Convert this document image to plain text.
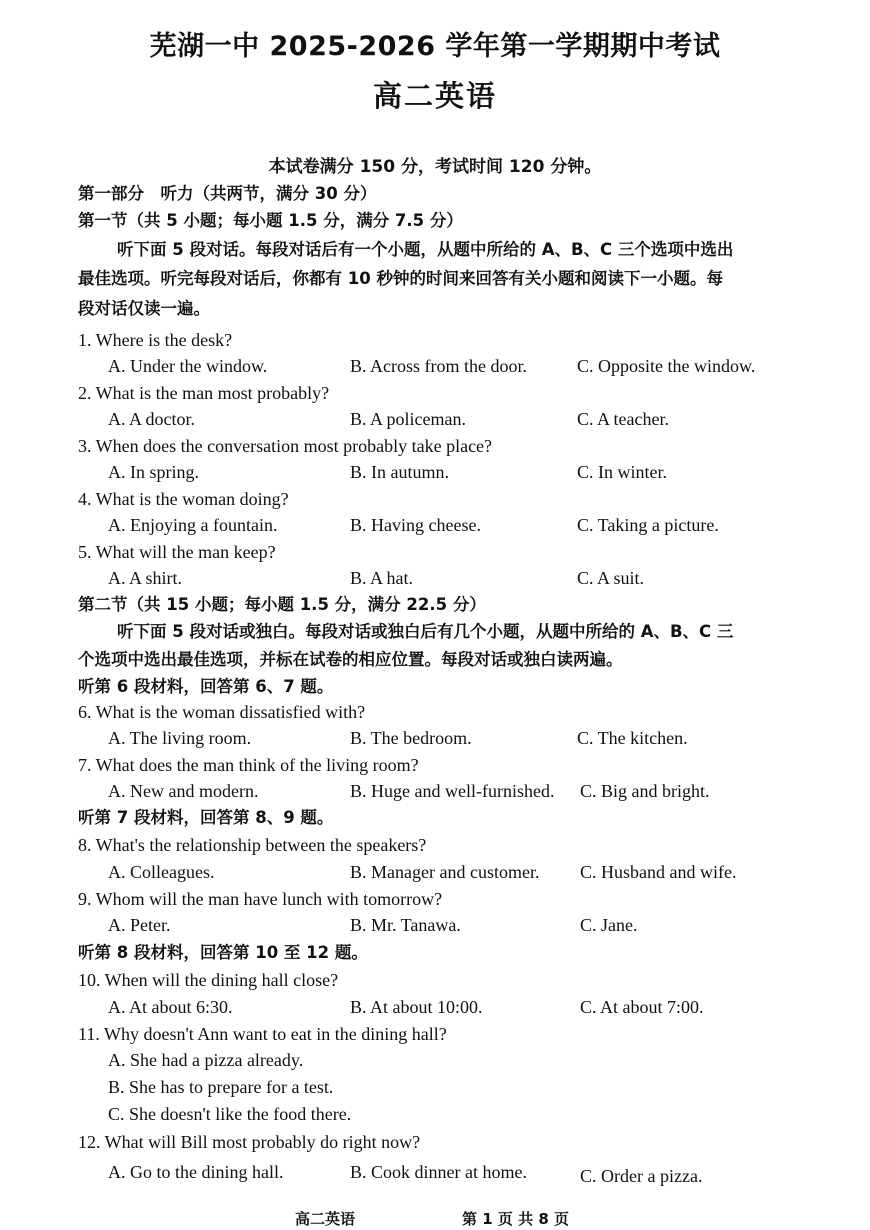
芜湖一中 2025-2026 学年第一学期期中考试
高二英语
本试卷满分 150 分，考试时间 120 分钟。
第一部分　听力（共两节，满分 30 分）
第一节（共 5 小题；每小题 1.5 分，满分 7.5 分）
听下面 5 段对话。每段对话后有一个小题，从题中所给的 A、B、C 三个选项中选出
最佳选项。听完每段对话后，你都有 10 秒钟的时间来回答有关小题和阅读下一小题。每
段对话仅读一遍。
1. Where is the desk?
A. Under the window.	B. Across from the door.	C. Opposite the window.
2. What is the man most probably?
A. A doctor.	B. A policeman.	C. A teacher.
3. When does the conversation most probably take place?
A. In spring.	B. In autumn.	C. In winter.
4. What is the woman doing?
A. Enjoying a fountain.	B. Having cheese.	C. Taking a picture.
5. What will the man keep?
A. A shirt.	B. A hat.	C. A suit.
第二节（共 15 小题；每小题 1.5 分，满分 22.5 分）
听下面 5 段对话或独白。每段对话或独白后有几个小题，从题中所给的 A、B、C 三
个选项中选出最佳选项，并标在试卷的相应位置。每段对话或独白读两遍。
听第 6 段材料，回答第 6、7 题。
6. What is the woman dissatisfied with?
A. The living room.	B. The bedroom.	C. The kitchen.
7. What does the man think of the living room?
A. New and modern.	B. Huge and well-furnished. C. Big and bright.
听第 7 段材料，回答第 8、9 题。
8. What's the relationship between the speakers?
A. Colleagues.	B. Manager and customer. C. Husband and wife.
9. Whom will the man have lunch with tomorrow?
A. Peter.	B. Mr. Tanawa.	C. Jane.
听第 8 段材料，回答第 10 至 12 题。
10. When will the dining hall close?
A. At about 6:30.	B. At about 10:00.	C. At about 7:00.
11. Why doesn't Ann want to eat in the dining hall?
A. She had a pizza already.
B. She has to prepare for a test.
C. She doesn't like the food there.
12. What will Bill most probably do right now?
A. Go to the dining hall.	B. Cook dinner at home.	C. Order a pizza.
高二英语	第 1 页 共 8 页
